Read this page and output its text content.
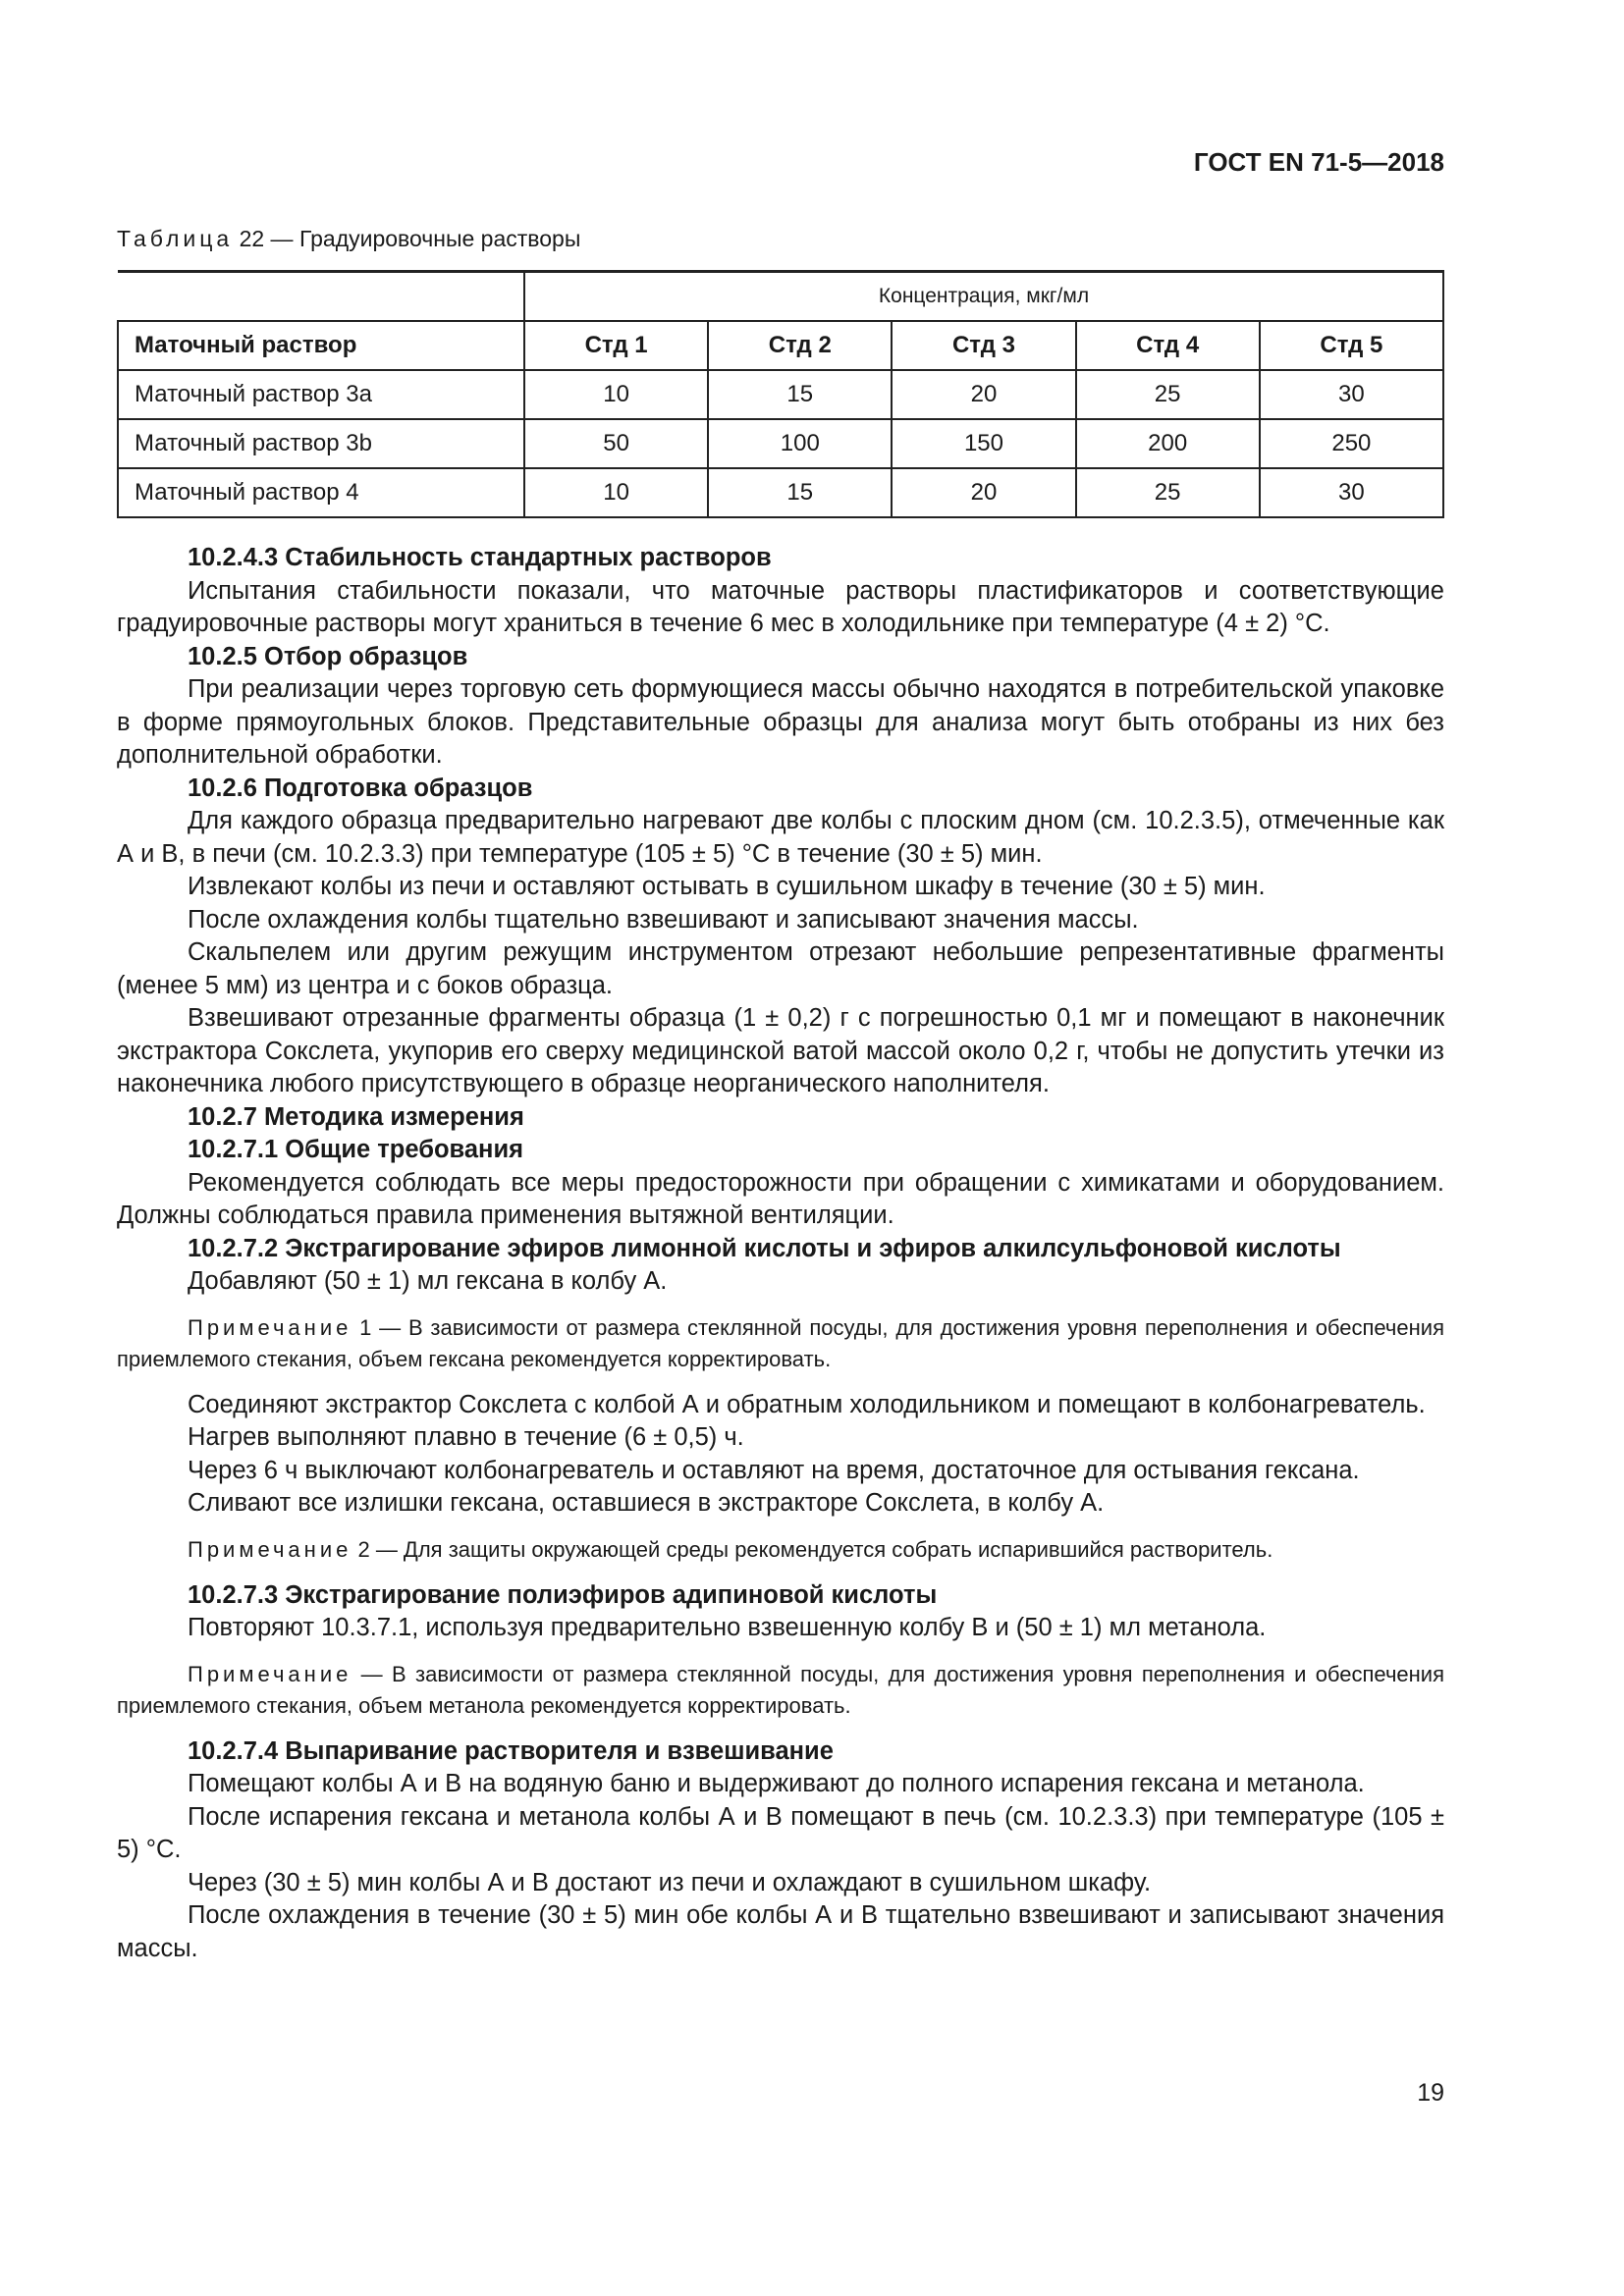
ГОСТ EN 71-5—2018

Таблица 22 — Градуировочные растворы

	Концентрация, мкг/мл				
Маточный раствор	Стд 1	Стд 2	Стд 3	Стд 4	Стд 5
Маточный раствор 3а	10	15	20	25	30
Маточный раствор 3b	50	100	150	200	250
Маточный раствор 4	10	15	20	25	30

10.2.4.3 Стабильность стандартных растворов

Испытания стабильности показали, что маточные растворы пластификаторов и соответствующие градуировочные растворы могут храниться в течение 6 мес в холодильнике при температуре (4 ± 2) °С.

10.2.5 Отбор образцов

При реализации через торговую сеть формующиеся массы обычно находятся в потребительской упаковке в форме прямоугольных блоков. Представительные образцы для анализа могут быть отобраны из них без дополнительной обработки.

10.2.6 Подготовка образцов

Для каждого образца предварительно нагревают две колбы с плоским дном (см. 10.2.3.5), отмеченные как А и В, в печи (см. 10.2.3.3) при температуре (105 ± 5) °С в течение (30 ± 5) мин.

Извлекают колбы из печи и оставляют остывать в сушильном шкафу в течение (30 ± 5) мин.

После охлаждения колбы тщательно взвешивают и записывают значения массы.

Скальпелем или другим режущим инструментом отрезают небольшие репрезентативные фрагменты (менее 5 мм) из центра и с боков образца.

Взвешивают отрезанные фрагменты образца (1 ± 0,2) г с погрешностью 0,1 мг и помещают в наконечник экстрактора Сокслета, укупорив его сверху медицинской ватой массой около 0,2 г, чтобы не допустить утечки из наконечника любого присутствующего в образце неорганического наполнителя.

10.2.7 Методика измерения

10.2.7.1 Общие требования

Рекомендуется соблюдать все меры предосторожности при обращении с химикатами и оборудованием. Должны соблюдаться правила применения вытяжной вентиляции.

10.2.7.2 Экстрагирование эфиров лимонной кислоты и эфиров алкилсульфоновой кислоты

Добавляют (50 ± 1) мл гексана в колбу А.

Примечание 1 — В зависимости от размера стеклянной посуды, для достижения уровня переполнения и обеспечения приемлемого стекания, объем гексана рекомендуется корректировать.

Соединяют экстрактор Сокслета с колбой А и обратным холодильником и помещают в колбонагреватель.

Нагрев выполняют плавно в течение (6 ± 0,5) ч.

Через 6 ч выключают колбонагреватель и оставляют на время, достаточное для остывания гексана.

Сливают все излишки гексана, оставшиеся в экстракторе Сокслета, в колбу А.

Примечание 2 — Для защиты окружающей среды рекомендуется собрать испарившийся растворитель.

10.2.7.3 Экстрагирование полиэфиров адипиновой кислоты

Повторяют 10.3.7.1, используя предварительно взвешенную колбу В и (50 ± 1) мл метанола.

Примечание — В зависимости от размера стеклянной посуды, для достижения уровня переполнения и обеспечения приемлемого стекания, объем метанола рекомендуется корректировать.

10.2.7.4 Выпаривание растворителя и взвешивание

Помещают колбы А и В на водяную баню и выдерживают до полного испарения гексана и метанола.

После испарения гексана и метанола колбы А и В помещают в печь (см. 10.2.3.3) при температуре (105 ± 5) °С.

Через (30 ± 5) мин колбы А и В достают из печи и охлаждают в сушильном шкафу.

После охлаждения в течение (30 ± 5) мин обе колбы А и В тщательно взвешивают и записывают значения массы.

19
